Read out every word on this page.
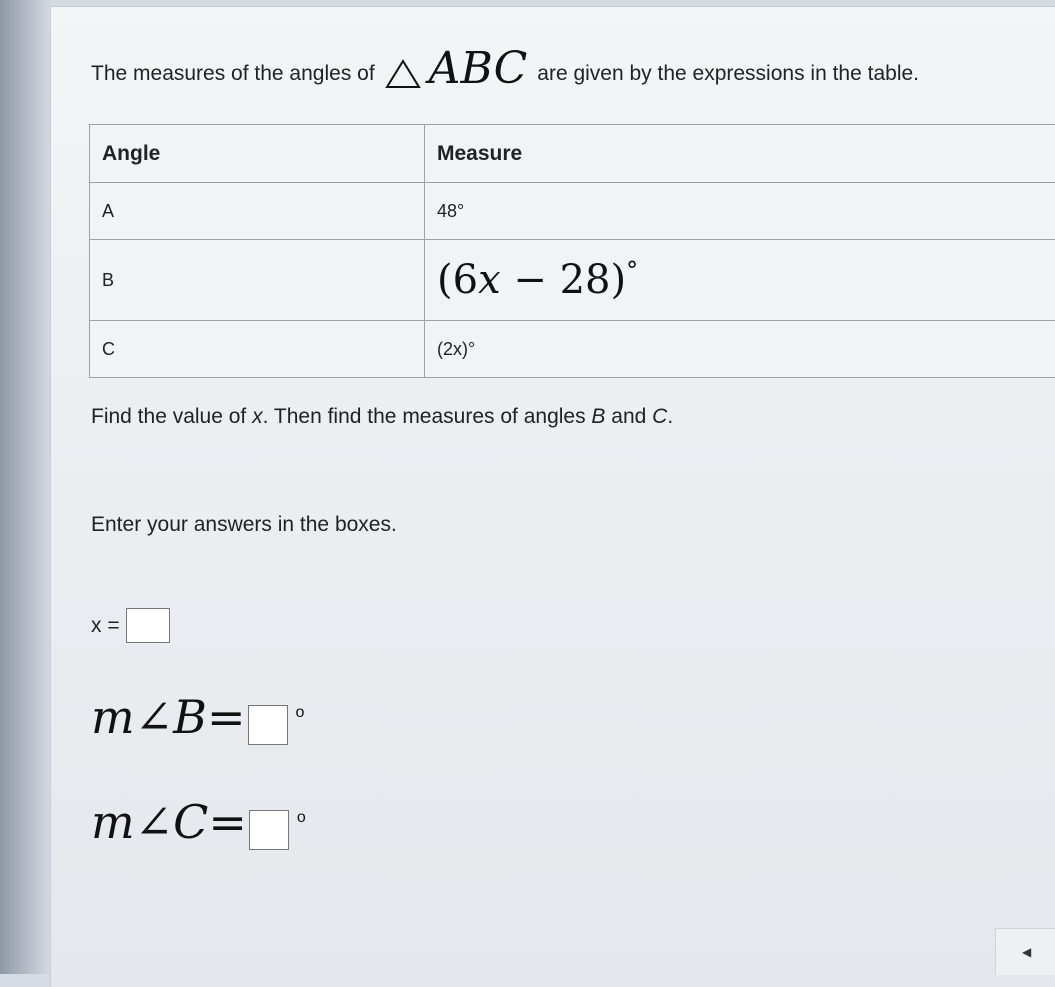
The measures of the angles of ABC are given by the expressions in the table.
Angle	Measure
A	48°
B	(6x − 28)°
C	(2x)°
Find the value of x. Then find the measures of angles B and C.
Enter your answers in the boxes.
x =
m ∠ B =	o
m ∠ C =	o
◀
